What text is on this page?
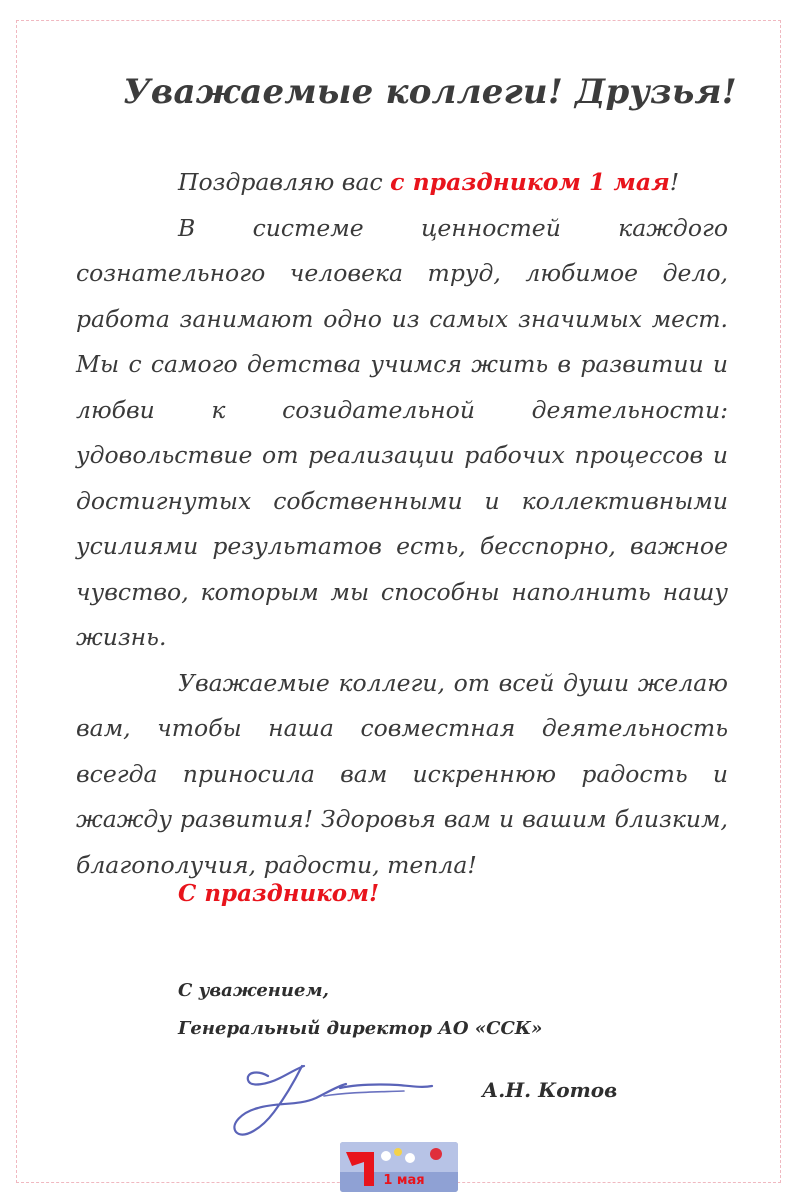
Уважаемые коллеги! Друзья!

Поздравляю вас с праздником 1 мая!

В системе ценностей каждого сознательного человека труд, любимое дело, работа занимают одно из самых значимых мест. Мы с самого детства учимся жить в развитии и любви к созидательной деятельности: удовольствие от реализации рабочих процессов и достигнутых собственными и коллективными усилиями результатов есть, бесспорно, важное чувство, которым мы способны наполнить нашу жизнь.

Уважаемые коллеги, от всей души желаю вам, чтобы наша совместная деятельность всегда приносила вам искреннюю радость и жажду развития! Здоровья вам и вашим близким, благополучия, радости, тепла!

С праздником!
С уважением,
Генеральный директор АО «ССК»
А.Н. Котов
1 мая
